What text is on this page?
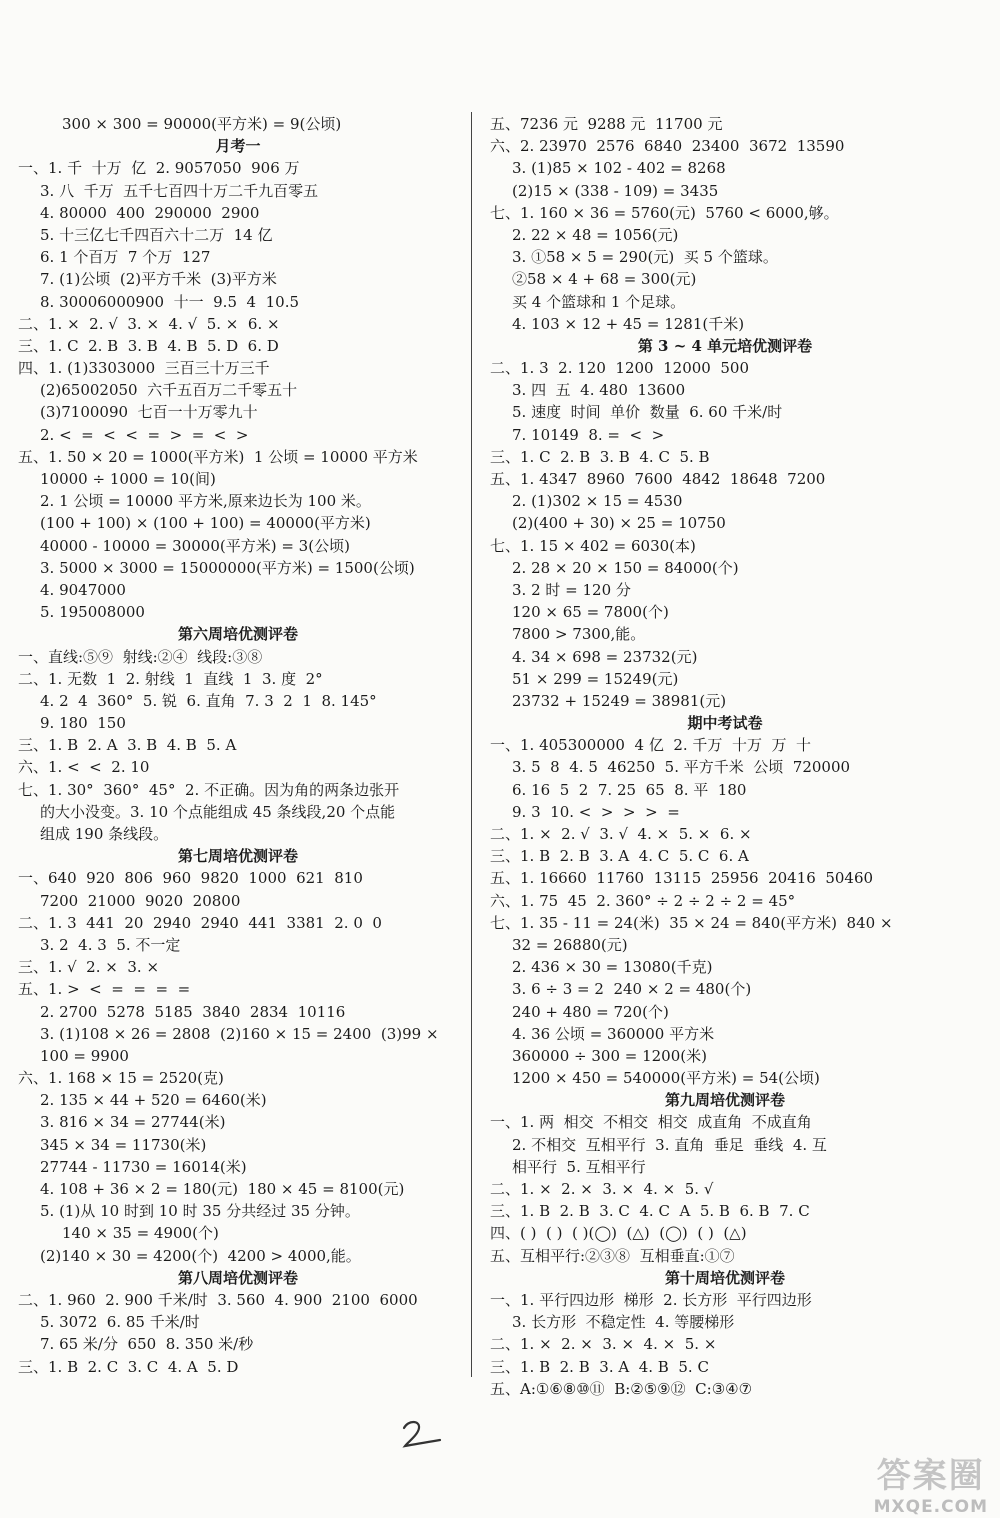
300 × 300 = 90000(平方米) = 9(公顷)
月考一
一、1. 千  十万  亿  2. 9057050  906 万
3. 八  千万  五千七百四十万二千九百零五
4. 80000  400  290000  2900
5. 十三亿七千四百六十二万  14 亿
6. 1 个百万  7 个万  127
7. (1)公顷  (2)平方千米  (3)平方米
8. 30006000900  十一  9.5  4  10.5
二、1. ×  2. √  3. ×  4. √  5. ×  6. ×
三、1. C  2. B  3. B  4. B  5. D  6. D
四、1. (1)3303000  三百三十万三千
(2)65002050  六千五百万二千零五十
(3)7100090  七百一十万零九十
2. <  =  <  <  =  >  =  <  >
五、1. 50 × 20 = 1000(平方米)  1 公顷 = 10000 平方米
10000 ÷ 1000 = 10(间)
2. 1 公顷 = 10000 平方米,原来边长为 100 米。
(100 + 100) × (100 + 100) = 40000(平方米)
40000 - 10000 = 30000(平方米) = 3(公顷)
3. 5000 × 3000 = 15000000(平方米) = 1500(公顷)
4. 9047000
5. 195008000
第六周培优测评卷
一、直线:⑤⑨  射线:②④  线段:③⑧
二、1. 无数  1  2. 射线  1  直线  1  3. 度  2°
4. 2  4  360°  5. 锐  6. 直角  7. 3  2  1  8. 145°
9. 180  150
三、1. B  2. A  3. B  4. B  5. A
六、1. <  <  2. 10
七、1. 30°  360°  45°  2. 不正确。因为角的两条边张开
的大小没变。3. 10 个点能组成 45 条线段,20 个点能
组成 190 条线段。
第七周培优测评卷
一、640  920  806  960  9820  1000  621  810
7200  21000  9020  20800
二、1. 3  441  20  2940  2940  441  3381  2. 0  0
3. 2  4. 3  5. 不一定
三、1. √  2. ×  3. ×
五、1. >  <  =  =  =  =
2. 2700  5278  5185  3840  2834  10116
3. (1)108 × 26 = 2808  (2)160 × 15 = 2400  (3)99 ×
100 = 9900
六、1. 168 × 15 = 2520(克)
2. 135 × 44 + 520 = 6460(米)
3. 816 × 34 = 27744(米)
345 × 34 = 11730(米)
27744 - 11730 = 16014(米)
4. 108 + 36 × 2 = 180(元)  180 × 45 = 8100(元)
5. (1)从 10 时到 10 时 35 分共经过 35 分钟。
140 × 35 = 4900(个)
(2)140 × 30 = 4200(个)  4200 > 4000,能。
第八周培优测评卷
二、1. 960  2. 900 千米/时  3. 560  4. 900  2100  6000
5. 3072  6. 85 千米/时
7. 65 米/分  650  8. 350 米/秒
三、1. B  2. C  3. C  4. A  5. D
五、7236 元  9288 元  11700 元
六、2. 23970  2576  6840  23400  3672  13590
3. (1)85 × 102 - 402 = 8268
(2)15 × (338 - 109) = 3435
七、1. 160 × 36 = 5760(元)  5760 < 6000,够。
2. 22 × 48 = 1056(元)
3. ①58 × 5 = 290(元)  买 5 个篮球。
②58 × 4 + 68 = 300(元)
买 4 个篮球和 1 个足球。
4. 103 × 12 + 45 = 1281(千米)
第 3 ~ 4 单元培优测评卷
二、1. 3  2. 120  1200  12000  500
3. 四  五  4. 480  13600
5. 速度  时间  单价  数量  6. 60 千米/时
7. 10149  8. =  <  >
三、1. C  2. B  3. B  4. C  5. B
五、1. 4347  8960  7600  4842  18648  7200
2. (1)302 × 15 = 4530
(2)(400 + 30) × 25 = 10750
七、1. 15 × 402 = 6030(本)
2. 28 × 20 × 150 = 84000(个)
3. 2 时 = 120 分
120 × 65 = 7800(个)
7800 > 7300,能。
4. 34 × 698 = 23732(元)
51 × 299 = 15249(元)
23732 + 15249 = 38981(元)
期中考试卷
一、1. 405300000  4 亿  2. 千万  十万  万  十
3. 5  8  4. 5  46250  5. 平方千米  公顷  720000
6. 16  5  2  7. 25  65  8. 平  180
9. 3  10. <  >  >  >  =
二、1. ×  2. √  3. √  4. ×  5. ×  6. ×
三、1. B  2. B  3. A  4. C  5. C  6. A
五、1. 16660  11760  13115  25956  20416  50460
六、1. 75  45  2. 360° ÷ 2 ÷ 2 ÷ 2 = 45°
七、1. 35 - 11 = 24(米)  35 × 24 = 840(平方米)  840 ×
32 = 26880(元)
2. 436 × 30 = 13080(千克)
3. 6 ÷ 3 = 2  240 × 2 = 480(个)
240 + 480 = 720(个)
4. 36 公顷 = 360000 平方米
360000 ÷ 300 = 1200(米)
1200 × 450 = 540000(平方米) = 54(公顷)
第九周培优测评卷
一、1. 两  相交  不相交  相交  成直角  不成直角
2. 不相交  互相平行  3. 直角  垂足  垂线  4. 互
相平行  5. 互相平行
二、1. ×  2. ×  3. ×  4. ×  5. √
三、1. B  2. B  3. C  4. C  A  5. B  6. B  7. C
四、( )  ( )  ( )(◯)  (△)  (◯)  ( )  (△)
五、互相平行:②③⑧  互相垂直:①⑦
第十周培优测评卷
一、1. 平行四边形  梯形  2. 长方形  平行四边形
3. 长方形  不稳定性  4. 等腰梯形
二、1. ×  2. ×  3. ×  4. ×  5. ×
三、1. B  2. B  3. A  4. B  5. C
五、A:①⑥⑧⑩⑪  B:②⑤⑨⑫  C:③④⑦
答案圈
MXQE.COM
